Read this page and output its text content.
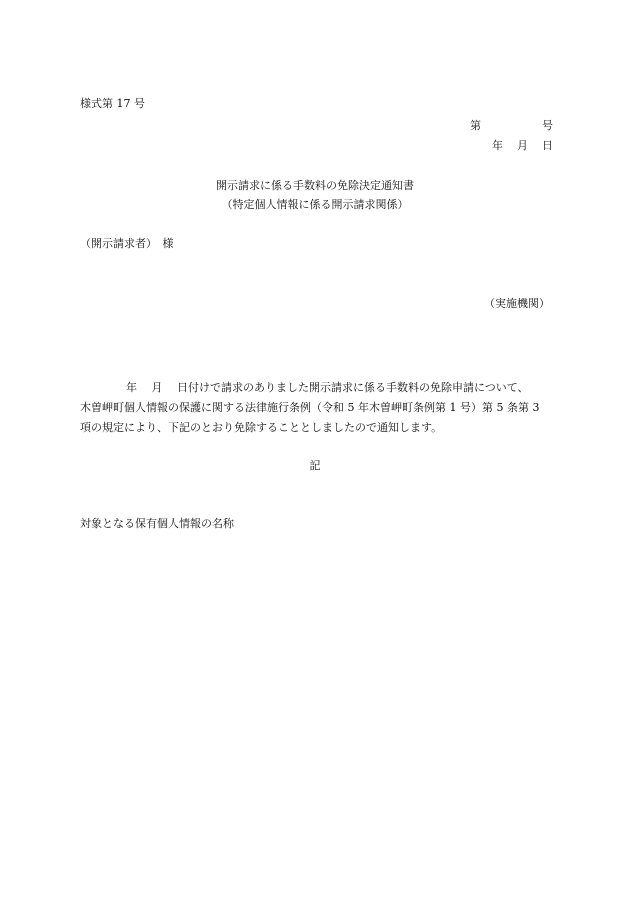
様式第 17 号
第	号
年 月 日
開示請求に係る手数料の免除決定通知書
（特定個人情報に係る開示請求関係）
（開示請求者）　様
（実施機関）
年　 月　 日付けで請求のありました開示請求に係る手数料の免除申請について、
木曽岬町個人情報の保護に関する法律施行条例（令和 5 年木曽岬町条例第 1 号）第 5 条第 3
項の規定により、下記のとおり免除することとしましたので通知します。
記
対象となる保有個人情報の名称
